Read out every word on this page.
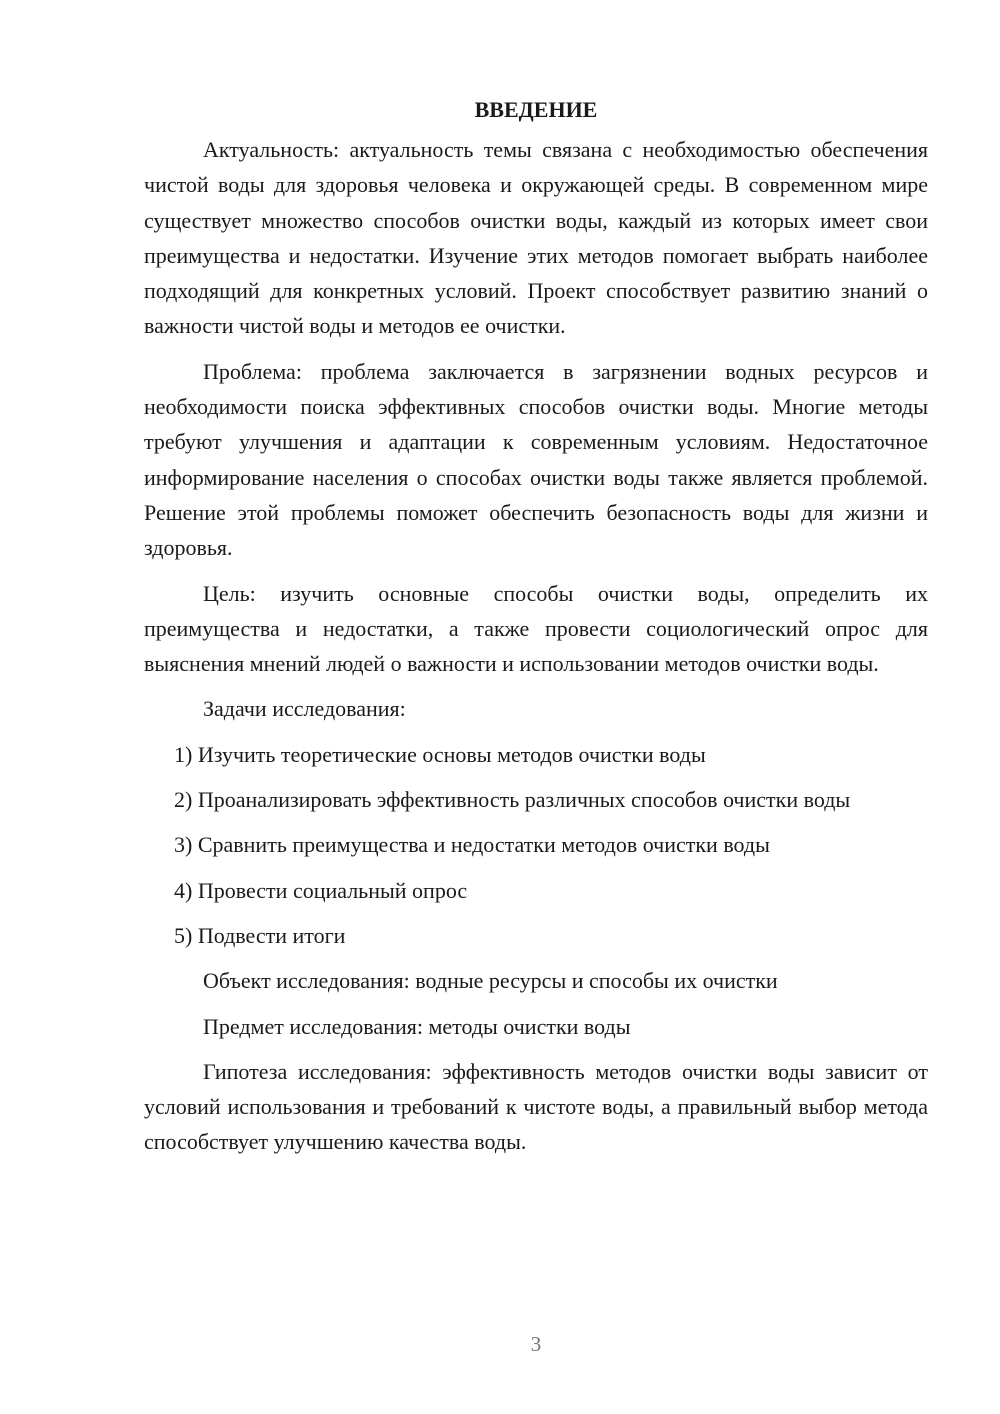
ВВЕДЕНИЕ

Актуальность: актуальность темы связана с необходимостью обеспечения чистой воды для здоровья человека и окружающей среды. В современном мире существует множество способов очистки воды, каждый из которых имеет свои преимущества и недостатки. Изучение этих методов помогает выбрать наиболее подходящий для конкретных условий. Проект способствует развитию знаний о важности чистой воды и методов ее очистки.

Проблема: проблема заключается в загрязнении водных ресурсов и необходимости поиска эффективных способов очистки воды. Многие методы требуют улучшения и адаптации к современным условиям. Недостаточное информирование населения о способах очистки воды также является проблемой. Решение этой проблемы поможет обеспечить безопасность воды для жизни и здоровья.

Цель: изучить основные способы очистки воды, определить их преимущества и недостатки, а также провести социологический опрос для выяснения мнений людей о важности и использовании методов очистки воды.

Задачи исследования:

1) Изучить теоретические основы методов очистки воды

2) Проанализировать эффективность различных способов очистки воды

3) Сравнить преимущества и недостатки методов очистки воды

4) Провести социальный опрос

5) Подвести итоги

Объект исследования: водные ресурсы и способы их очистки

Предмет исследования: методы очистки воды

Гипотеза исследования: эффективность методов очистки воды зависит от условий использования и требований к чистоте воды, а правильный выбор метода способствует улучшению качества воды.

3
